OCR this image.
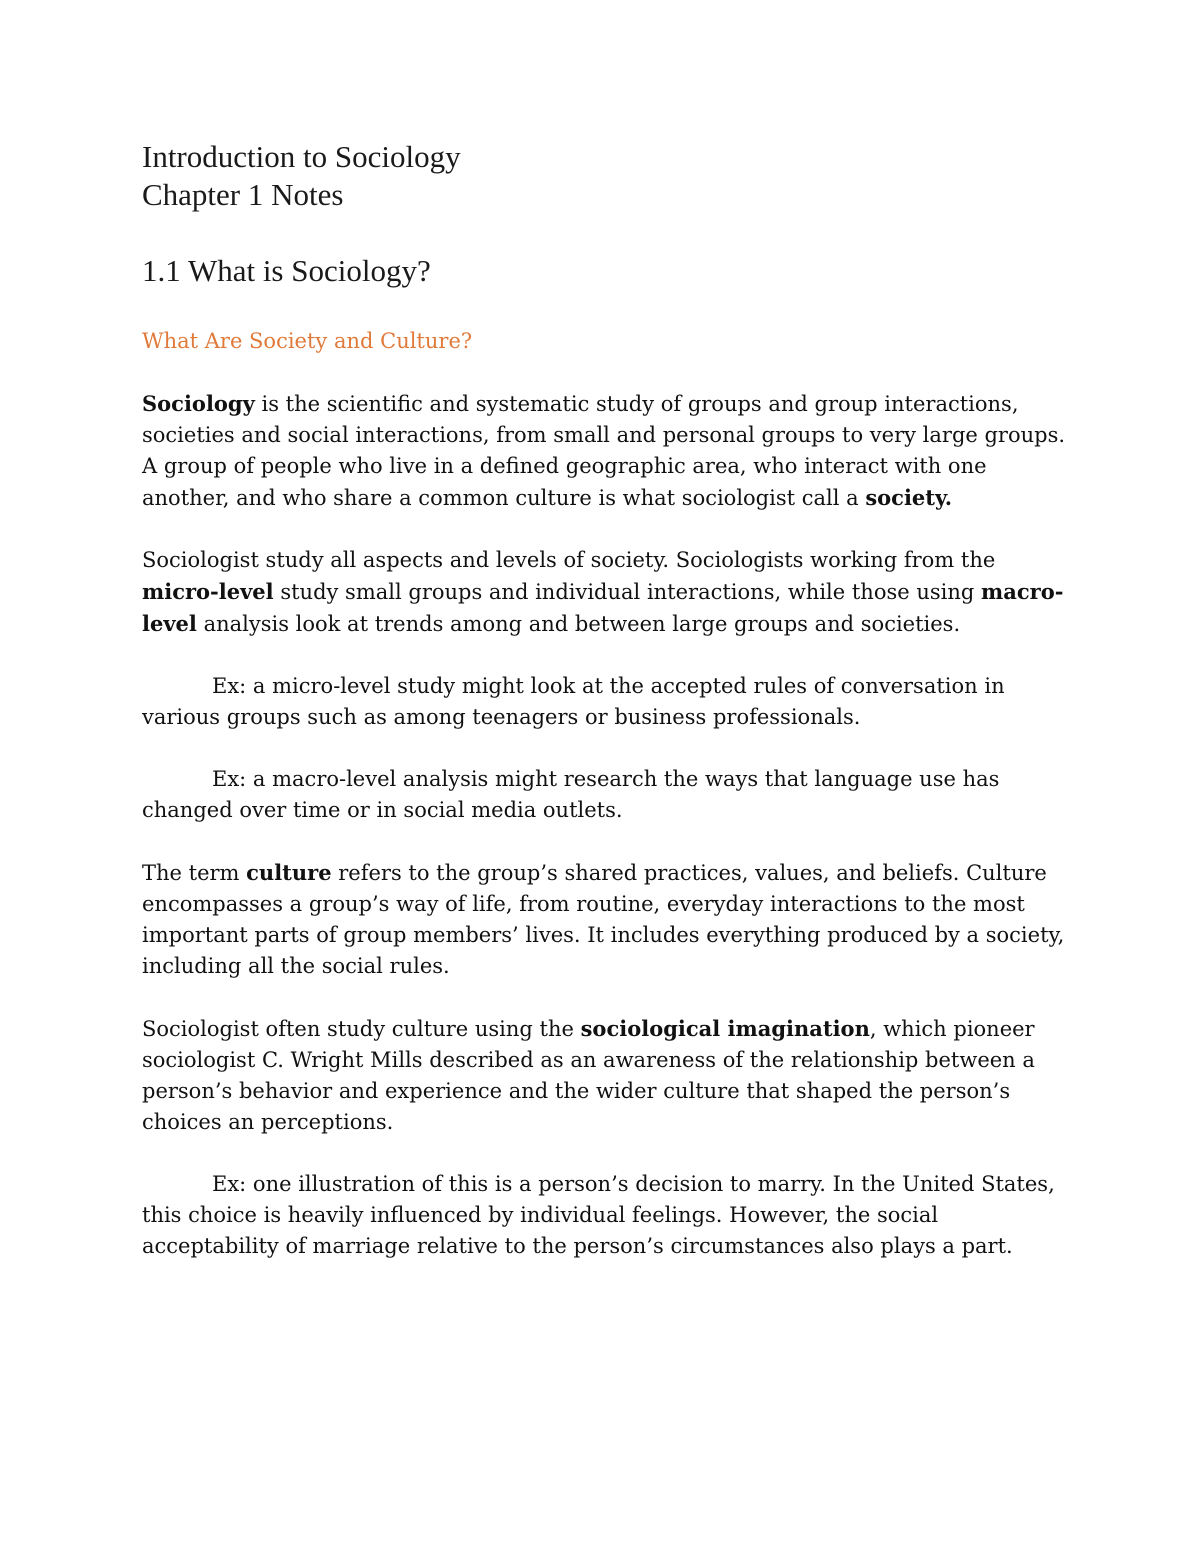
Introduction to Sociology
Chapter 1 Notes
1.1 What is Sociology?
What Are Society and Culture?

Sociology is the scientific and systematic study of groups and group interactions, societies and social interactions, from small and personal groups to very large groups. A group of people who live in a defined geographic area, who interact with one another, and who share a common culture is what sociologist call a society.

Sociologist study all aspects and levels of society. Sociologists working from the micro-level study small groups and individual interactions, while those using macro-level analysis look at trends among and between large groups and societies.

Ex: a micro-level study might look at the accepted rules of conversation in various groups such as among teenagers or business professionals.

Ex: a macro-level analysis might research the ways that language use has changed over time or in social media outlets.

The term culture refers to the group’s shared practices, values, and beliefs. Culture encompasses a group’s way of life, from routine, everyday interactions to the most important parts of group members’ lives. It includes everything produced by a society, including all the social rules.

Sociologist often study culture using the sociological imagination, which pioneer sociologist C. Wright Mills described as an awareness of the relationship between a person’s behavior and experience and the wider culture that shaped the person’s choices an perceptions.

Ex: one illustration of this is a person’s decision to marry. In the United States, this choice is heavily influenced by individual feelings. However, the social acceptability of marriage relative to the person’s circumstances also plays a part.
